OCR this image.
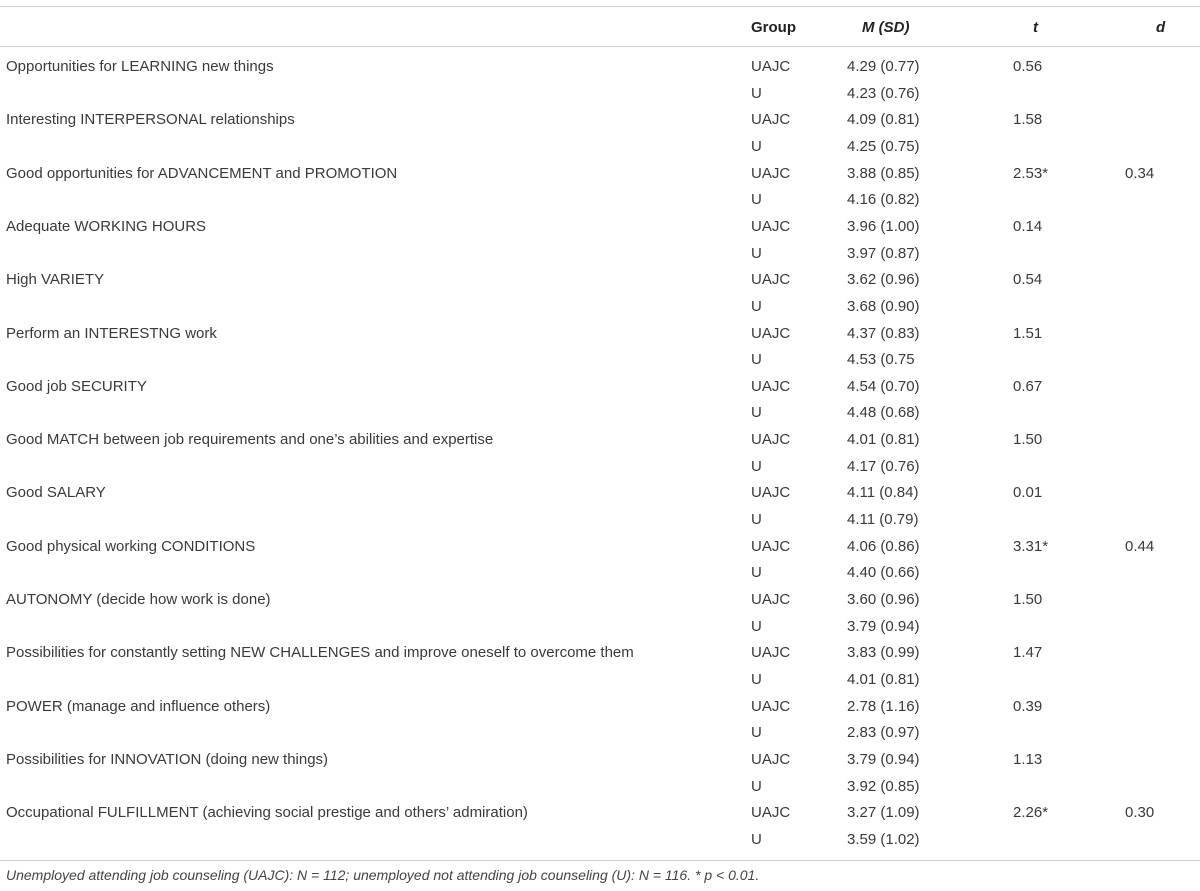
Group	M (SD)	t	d
Opportunities for LEARNING new things	UAJC	4.29 (0.77)	0.56
U	4.23 (0.76)
Interesting INTERPERSONAL relationships	UAJC	4.09 (0.81)	1.58
U	4.25 (0.75)
Good opportunities for ADVANCEMENT and PROMOTION	UAJC	3.88 (0.85)	2.53*	0.34
U	4.16 (0.82)
Adequate WORKING HOURS	UAJC	3.96 (1.00)	0.14
U	3.97 (0.87)
High VARIETY	UAJC	3.62 (0.96)	0.54
U	3.68 (0.90)
Perform an INTERESTNG work	UAJC	4.37 (0.83)	1.51
U	4.53 (0.75
Good job SECURITY	UAJC	4.54 (0.70)	0.67
U	4.48 (0.68)
Good MATCH between job requirements and one’s abilities and expertise	UAJC	4.01 (0.81)	1.50
U	4.17 (0.76)
Good SALARY	UAJC	4.11 (0.84)	0.01
U	4.11 (0.79)
Good physical working CONDITIONS	UAJC	4.06 (0.86)	3.31*	0.44
U	4.40 (0.66)
AUTONOMY (decide how work is done)	UAJC	3.60 (0.96)	1.50
U	3.79 (0.94)
Possibilities for constantly setting NEW CHALLENGES and improve oneself to overcome them	UAJC	3.83 (0.99)	1.47
U	4.01 (0.81)
POWER (manage and influence others)	UAJC	2.78 (1.16)	0.39
U	2.83 (0.97)
Possibilities for INNOVATION (doing new things)	UAJC	3.79 (0.94)	1.13
U	3.92 (0.85)
Occupational FULFILLMENT (achieving social prestige and others’ admiration)	UAJC	3.27 (1.09)	2.26*	0.30
U	3.59 (1.02)
Unemployed attending job counseling (UAJC): N = 112; unemployed not attending job counseling (U): N = 116. * p < 0.01.
